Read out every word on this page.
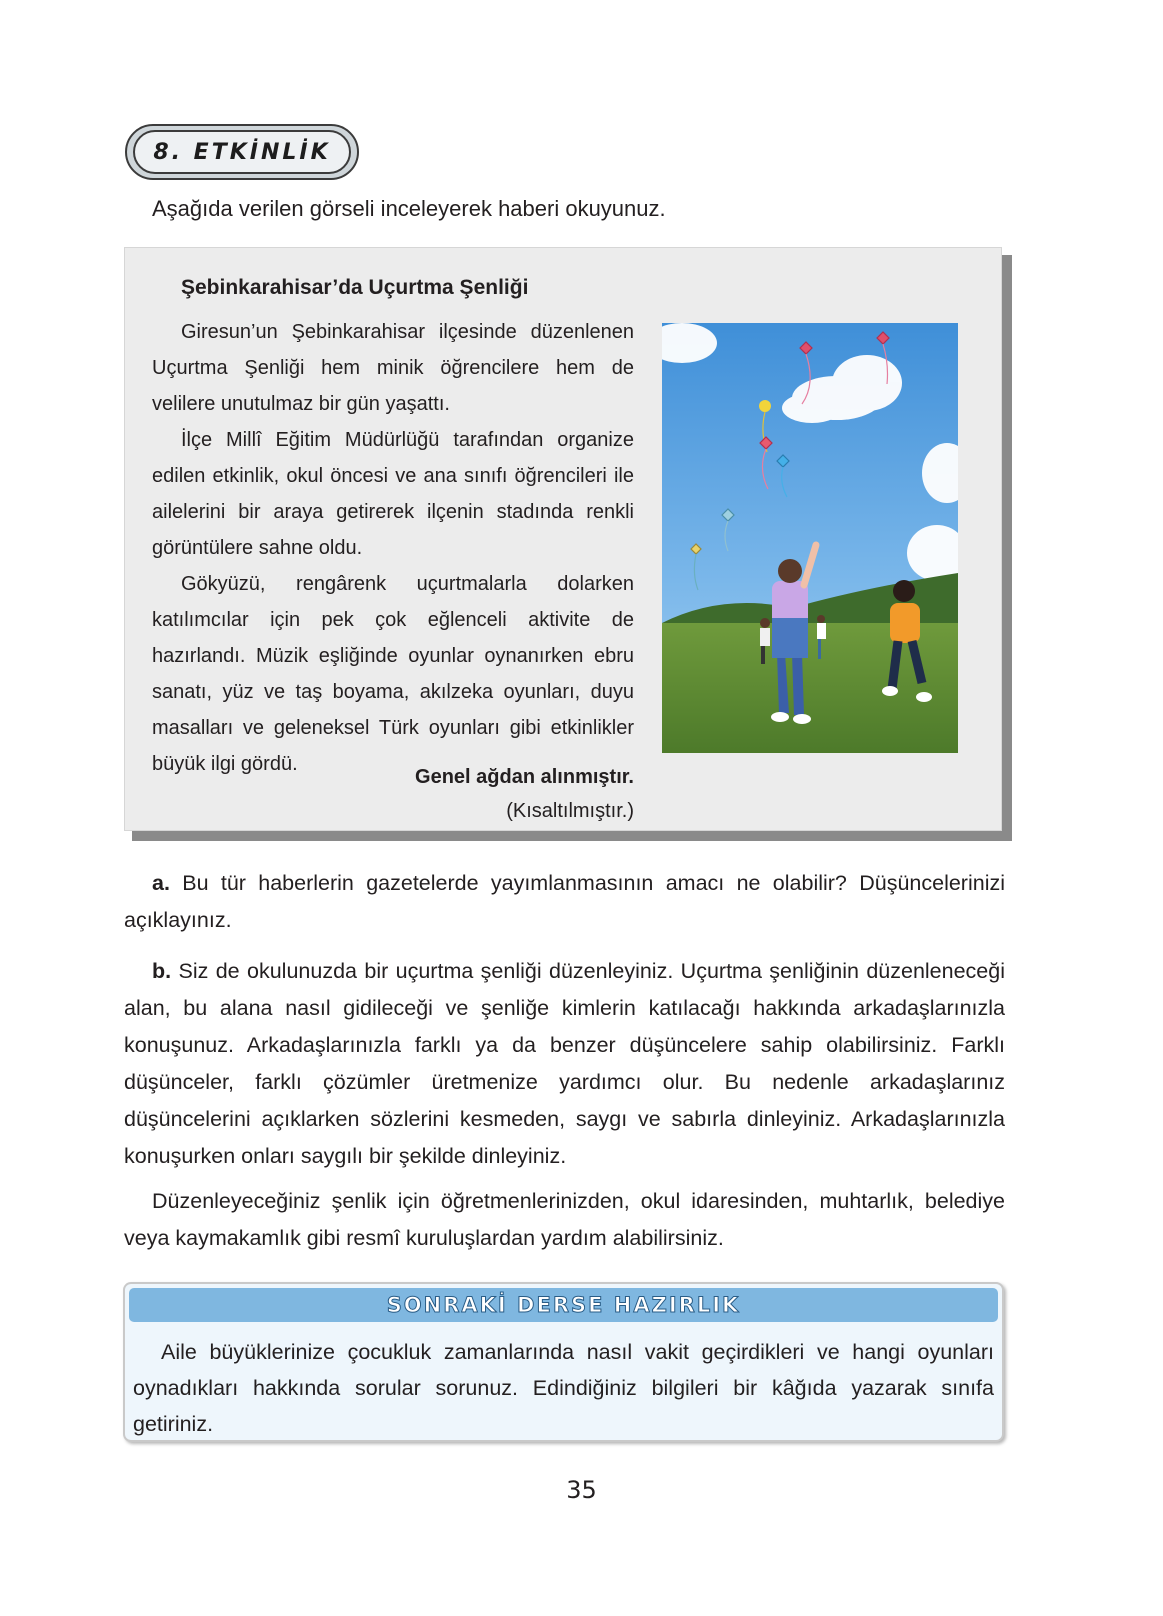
8. ETKİNLİK
Aşağıda verilen görseli inceleyerek haberi okuyunuz.
Şebinkarahisar’da Uçurtma Şenliği

Giresun’un Şebinkarahisar ilçesinde düzenlenen Uçurtma Şenliği hem minik öğrencilere hem de velilere unutulmaz bir gün yaşattı.

İlçe Millî Eğitim Müdürlüğü tarafından organize edilen etkinlik, okul öncesi ve ana sınıfı öğrencileri ile ailelerini bir araya getirerek ilçenin stadında renkli görüntülere sahne oldu.

Gökyüzü, rengârenk uçurtmalarla dolarken katılımcılar için pek çok eğlenceli aktivite de hazırlandı. Müzik eşliğinde oyunlar oynanırken ebru sanatı, yüz ve taş boyama, akılzeka oyunları, duyu masalları ve geleneksel Türk oyunları gibi etkinlikler büyük ilgi gördü.

Genel ağdan alınmıştır.
(Kısaltılmıştır.)

a. Bu tür haberlerin gazetelerde yayımlanmasının amacı ne olabilir? Düşüncelerinizi açıklayınız.

b. Siz de okulunuzda bir uçurtma şenliği düzenleyiniz. Uçurtma şenliğinin düzenleneceği alan, bu alana nasıl gidileceği ve şenliğe kimlerin katılacağı hakkında arkadaşlarınızla konuşunuz. Arkadaşlarınızla farklı ya da benzer düşüncelere sahip olabilirsiniz. Farklı düşünceler, farklı çözümler üretmenize yardımcı olur. Bu nedenle arkadaşlarınız düşüncelerini açıklarken sözlerini kesmeden, saygı ve sabırla dinleyiniz. Arkadaşlarınızla konuşurken onları saygılı bir şekilde dinleyiniz.

Düzenleyeceğiniz şenlik için öğretmenlerinizden, okul idaresinden, muhtarlık, belediye veya kaymakamlık gibi resmî kuruluşlardan yardım alabilirsiniz.

SONRAKİ DERSE HAZIRLIK

Aile büyüklerinize çocukluk zamanlarında nasıl vakit geçirdikleri ve hangi oyunları oynadıkları hakkında sorular sorunuz. Edindiğiniz bilgileri bir kâğıda yazarak sınıfa getiriniz.

35
